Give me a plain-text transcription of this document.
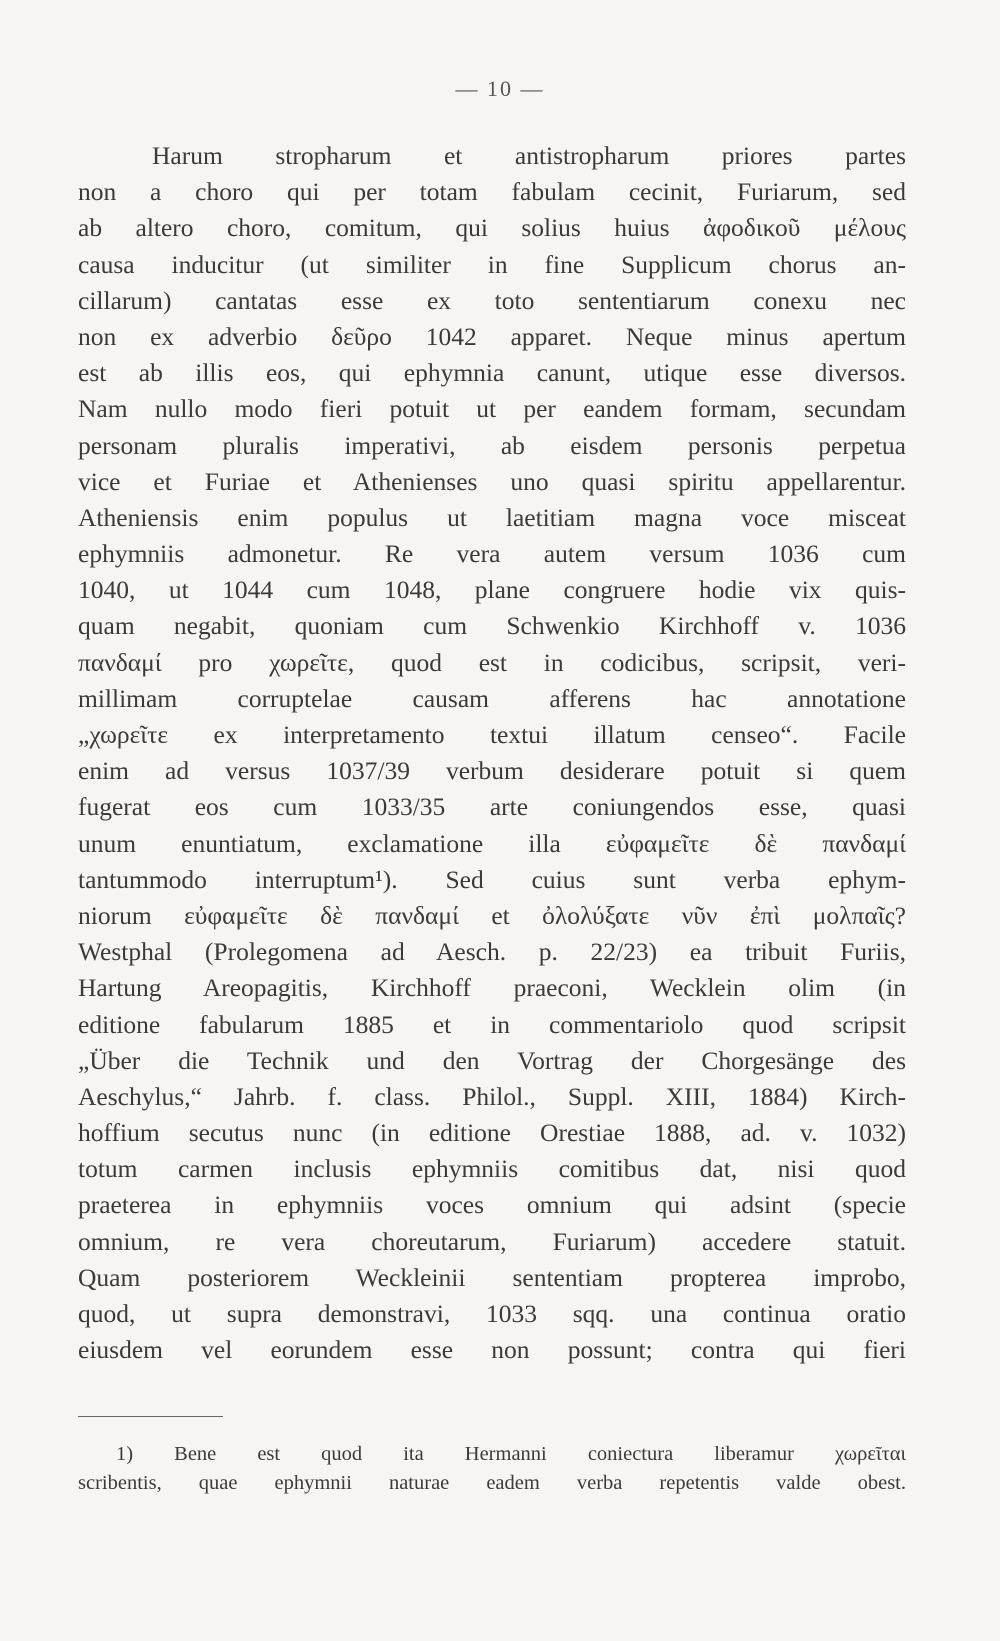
— 10 —
Harum stropharum et antistropharum priores partes
non a choro qui per totam fabulam cecinit, Furiarum, sed
ab altero choro, comitum, qui solius huius ἀφοδικοῦ μέλους
causa inducitur (ut similiter in fine Supplicum chorus an-
cillarum) cantatas esse ex toto sententiarum conexu nec
non ex adverbio δεῦρο 1042 apparet. Neque minus apertum
est ab illis eos, qui ephymnia canunt, utique esse diversos.
Nam nullo modo fieri potuit ut per eandem formam, secundam
personam pluralis imperativi, ab eisdem personis perpetua
vice et Furiae et Athenienses uno quasi spiritu appellarentur.
Atheniensis enim populus ut laetitiam magna voce misceat
ephymniis admonetur. Re vera autem versum 1036 cum
1040, ut 1044 cum 1048, plane congruere hodie vix quis-
quam negabit, quoniam cum Schwenkio Kirchhoff v. 1036
πανδαμί pro χωρεῖτε, quod est in codicibus, scripsit, veri-
millimam corruptelae causam afferens hac annotatione
„χωρεῖτε ex interpretamento textui illatum censeo“. Facile
enim ad versus 1037/39 verbum desiderare potuit si quem
fugerat eos cum 1033/35 arte coniungendos esse, quasi
unum enuntiatum, exclamatione illa εὐφαμεῖτε δὲ πανδαμί
tantummodo interruptum¹). Sed cuius sunt verba ephym-
niorum εὐφαμεῖτε δὲ πανδαμί et ὀλολύξατε νῦν ἐπὶ μολπαῖς?
Westphal (Prolegomena ad Aesch. p. 22/23) ea tribuit Furiis,
Hartung Areopagitis, Kirchhoff praeconi, Wecklein olim (in
editione fabularum 1885 et in commentariolo quod scripsit
„Über die Technik und den Vortrag der Chorgesänge des
Aeschylus,“ Jahrb. f. class. Philol., Suppl. XIII, 1884) Kirch-
hoffium secutus nunc (in editione Orestiae 1888, ad. v. 1032)
totum carmen inclusis ephymniis comitibus dat, nisi quod
praeterea in ephymniis voces omnium qui adsint (specie
omnium, re vera choreutarum, Furiarum) accedere statuit.
Quam posteriorem Weckleinii sententiam propterea improbo,
quod, ut supra demonstravi, 1033 sqq. una continua oratio
eiusdem vel eorundem esse non possunt; contra qui fieri
1) Bene est quod ita Hermanni coniectura liberamur χωρεῖται
scribentis, quae ephymnii naturae eadem verba repetentis valde obest.
